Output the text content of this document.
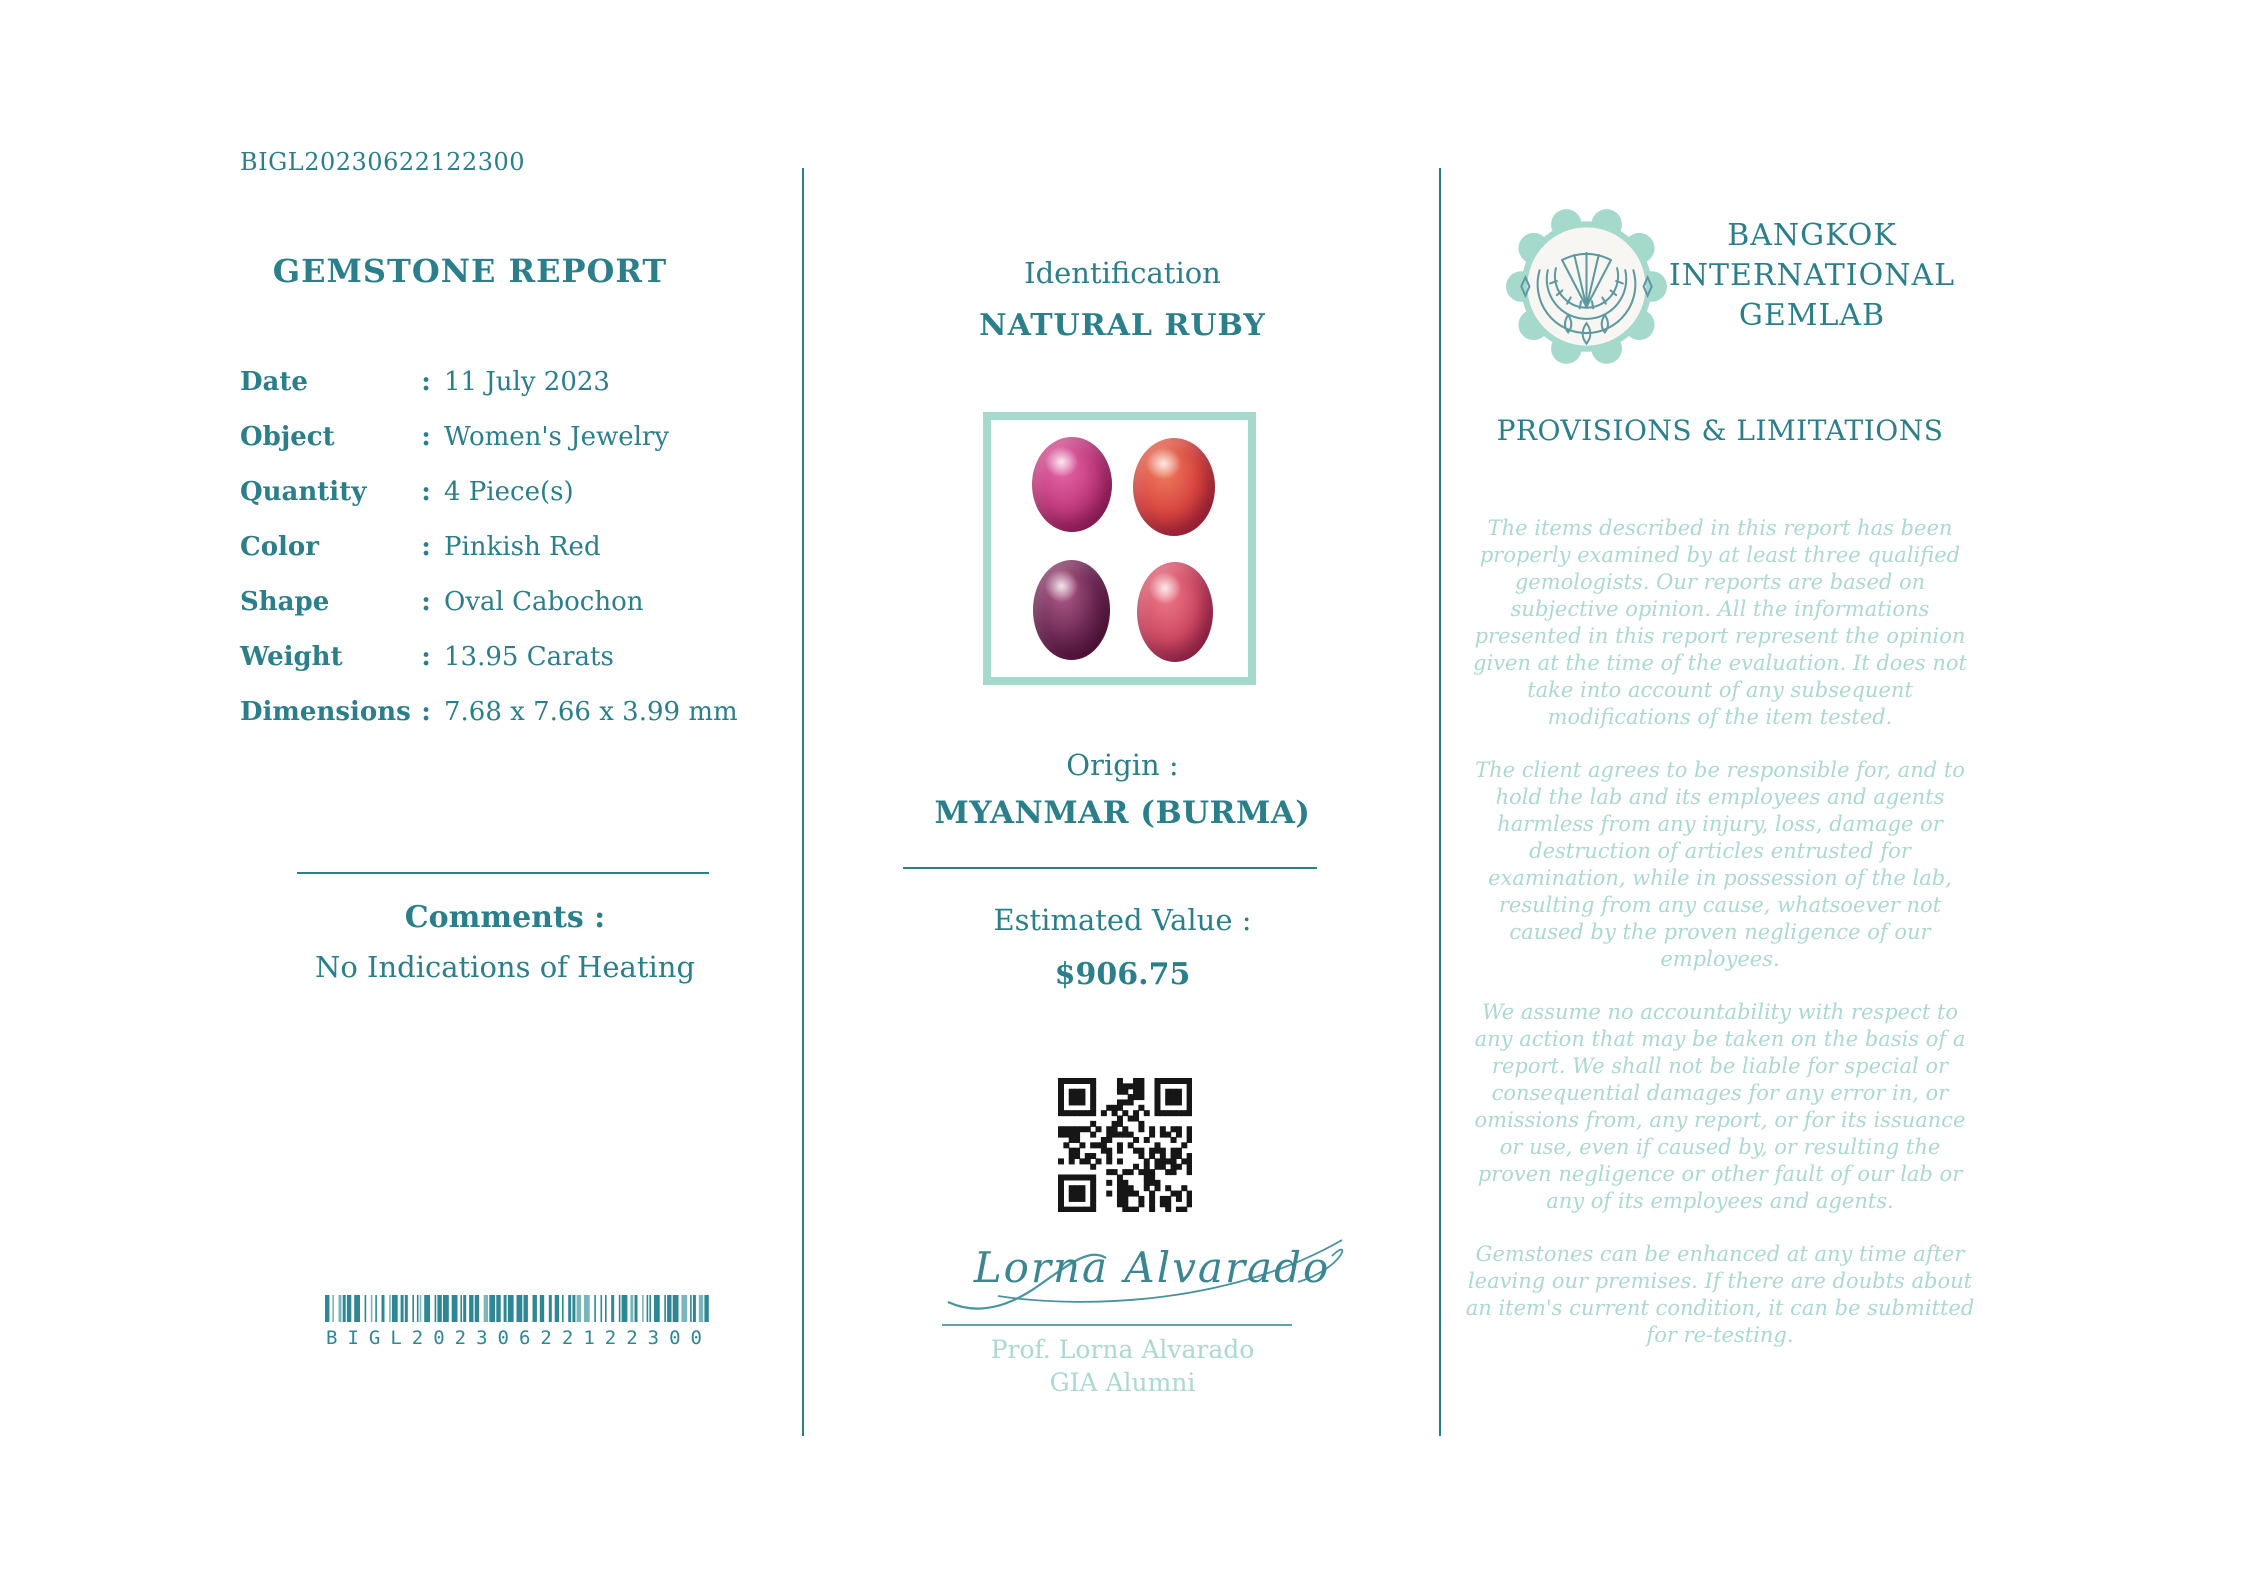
BIGL20230622122300
GEMSTONE REPORT
Date	: 11 July 2023
Object	: Women's Jewelry
Quantity	: 4 Piece(s)
Color	: Pinkish Red
Shape	: Oval Cabochon
Weight	: 13.95 Carats
Dimensions : 7.68 x 7.66 x 3.99 mm
Comments :
No Indications of Heating
BIGL20230622122300
Identification
NATURAL RUBY
Origin :
MYANMAR (BURMA)
Estimated Value :
$906.75
Lorna Alvarado
Prof. Lorna Alvarado
GIA Alumni
BANGKOK
INTERNATIONAL
GEMLAB
PROVISIONS & LIMITATIONS

The items described in this report has been properly examined by at least three qualified gemologists. Our reports are based on subjective opinion. All the informations presented in this report represent the opinion given at the time of the evaluation. It does not take into account of any subsequent modifications of the item tested.

The client agrees to be responsible for, and to hold the lab and its employees and agents harmless from any injury, loss, damage or destruction of articles entrusted for examination, while in possession of the lab, resulting from any cause, whatsoever not caused by the proven negligence of our employees.

We assume no accountability with respect to any action that may be taken on the basis of a report. We shall not be liable for special or consequential damages for any error in, or omissions from, any report, or for its issuance or use, even if caused by, or resulting the proven negligence or other fault of our lab or any of its employees and agents.

Gemstones can be enhanced at any time after leaving our premises. If there are doubts about an item's current condition, it can be submitted for re-testing.
